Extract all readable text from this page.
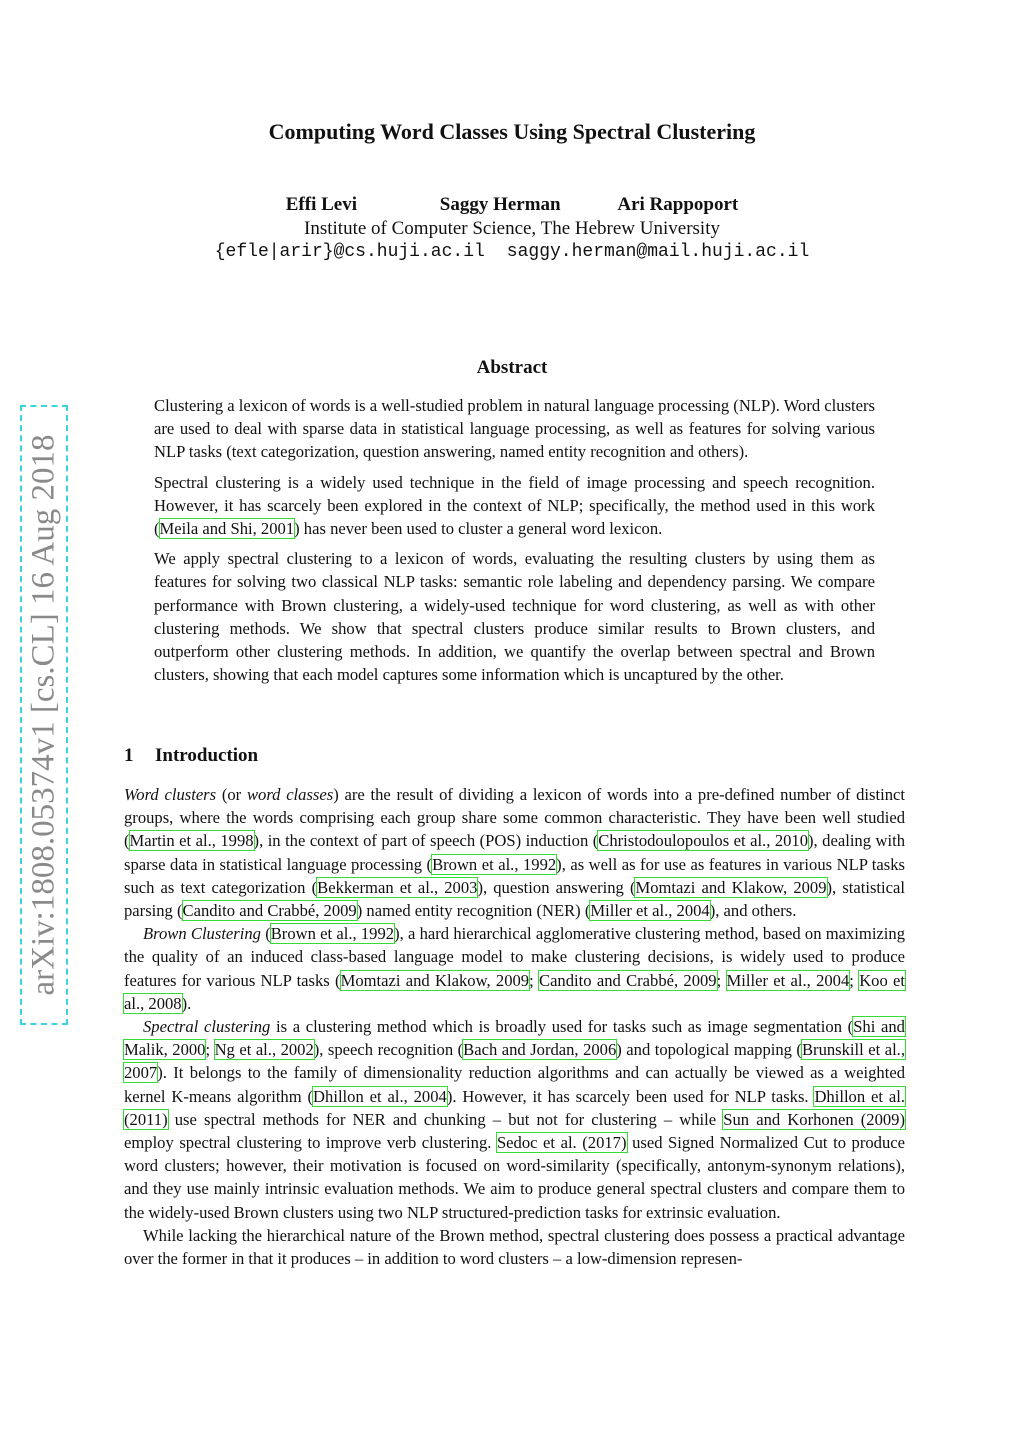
arXiv:1808.05374v1 [cs.CL] 16 Aug 2018
Computing Word Classes Using Spectral Clustering
Effi Levi	Saggy Herman	Ari Rappoport
Institute of Computer Science, The Hebrew University
{efle|arir}@cs.huji.ac.il saggy.herman@mail.huji.ac.il
Abstract

Clustering a lexicon of words is a well-studied problem in natural language processing (NLP). Word clusters are used to deal with sparse data in statistical language processing, as well as features for solving various NLP tasks (text categorization, question answering, named entity recognition and others).

Spectral clustering is a widely used technique in the field of image processing and speech recognition. However, it has scarcely been explored in the context of NLP; specifically, the method used in this work (Meila and Shi, 2001) has never been used to cluster a general word lexicon.

We apply spectral clustering to a lexicon of words, evaluating the resulting clusters by using them as features for solving two classical NLP tasks: semantic role labeling and dependency parsing. We compare performance with Brown clustering, a widely-used technique for word clustering, as well as with other clustering methods. We show that spectral clusters produce similar results to Brown clusters, and outperform other clustering methods. In addition, we quantify the overlap between spectral and Brown clusters, showing that each model captures some information which is uncaptured by the other.

1 Introduction

Word clusters (or word classes) are the result of dividing a lexicon of words into a pre-defined number of distinct groups, where the words comprising each group share some common characteristic. They have been well studied (Martin et al., 1998), in the context of part of speech (POS) induction (Christodoulopoulos et al., 2010), dealing with sparse data in statistical language processing (Brown et al., 1992), as well as for use as features in various NLP tasks such as text categorization (Bekkerman et al., 2003), question answering (Momtazi and Klakow, 2009), statistical parsing (Candito and Crabbé, 2009) named entity recognition (NER) (Miller et al., 2004), and others.

Brown Clustering (Brown et al., 1992), a hard hierarchical agglomerative clustering method, based on maximizing the quality of an induced class-based language model to make clustering decisions, is widely used to produce features for various NLP tasks (Momtazi and Klakow, 2009; Candito and Crabbé, 2009; Miller et al., 2004; Koo et al., 2008).

Spectral clustering is a clustering method which is broadly used for tasks such as image segmentation (Shi and Malik, 2000; Ng et al., 2002), speech recognition (Bach and Jordan, 2006) and topological mapping (Brunskill et al., 2007). It belongs to the family of dimensionality reduction algorithms and can actually be viewed as a weighted kernel K-means algorithm (Dhillon et al., 2004). However, it has scarcely been used for NLP tasks. Dhillon et al. (2011) use spectral methods for NER and chunking – but not for clustering – while Sun and Korhonen (2009) employ spectral clustering to improve verb clustering. Sedoc et al. (2017) used Signed Normalized Cut to produce word clusters; however, their motivation is focused on word-similarity (specifically, antonym-synonym relations), and they use mainly intrinsic evaluation methods. We aim to produce general spectral clusters and compare them to the widely-used Brown clusters using two NLP structured-prediction tasks for extrinsic evaluation.

While lacking the hierarchical nature of the Brown method, spectral clustering does possess a practical advantage over the former in that it produces – in addition to word clusters – a low-dimension represen-
